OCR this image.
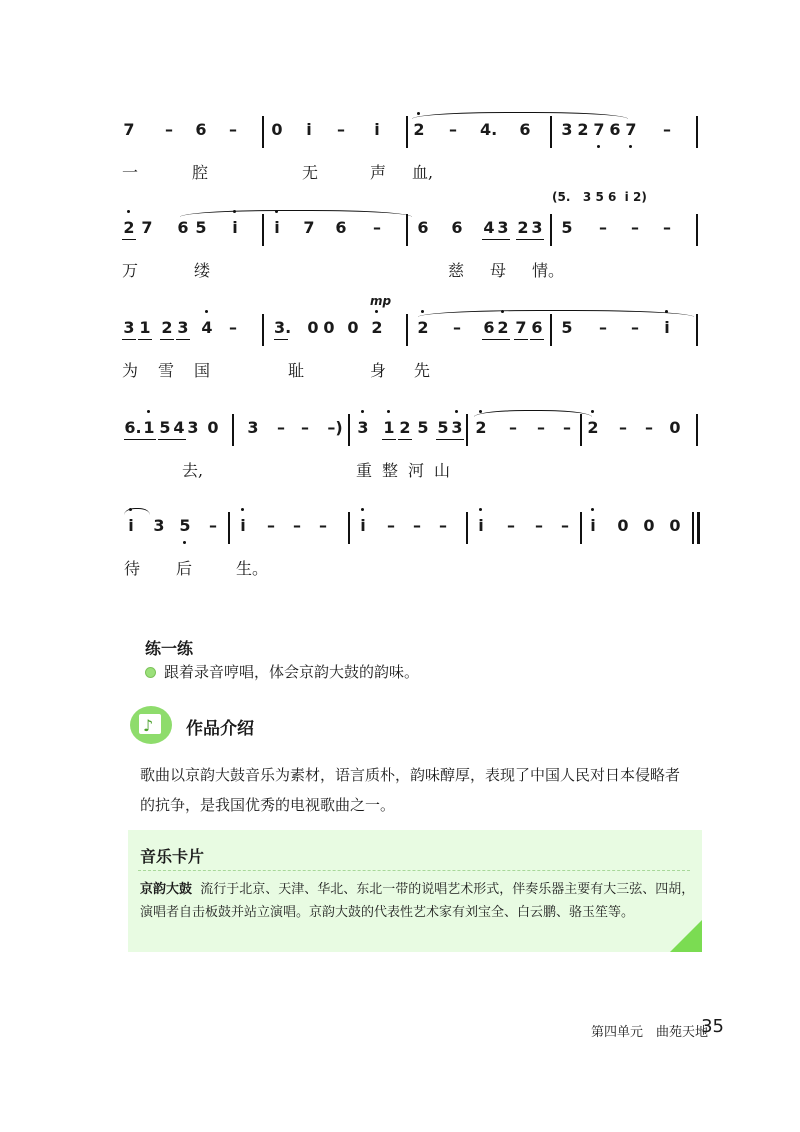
7 – 6 – 0 i – i 2 – 4. 6 3 2 7 6 7 –
一	腔	无	声 血,
(5.   3 5 6  i 2)
2 7 6 5 i i 7 6 – 6 6 4 3 2 3 5 – – –
万	缕	慈 母 情。
mp
3 1 2 3 4 – 3. 0 0 0 2 2 – 6 2 7 6 5 – – i
为 雪 国	耻	身 先
6. 1 5 4 3 0 3 – – –) 3 1 2 5 5 3 2 – – – 2 – – 0
去,	重 整 河 山
i 3 5 – i – – – i – – – i – – – i 0 0 0
待 后	生。
练一练
跟着录音哼唱，体会京韵大鼓的韵味。
♪ 作品介绍
歌曲以京韵大鼓音乐为素材，语言质朴，韵味醇厚，表现了中国人民对日本侵略者的抗争，是我国优秀的电视歌曲之一。
音乐卡片
京韵大鼓 流行于北京、天津、华北、东北一带的说唱艺术形式，伴奏乐器主要有大三弦、四胡，演唱者自击板鼓并站立演唱。京韵大鼓的代表性艺术家有刘宝全、白云鹏、骆玉笙等。
第四单元　曲苑天地
35
